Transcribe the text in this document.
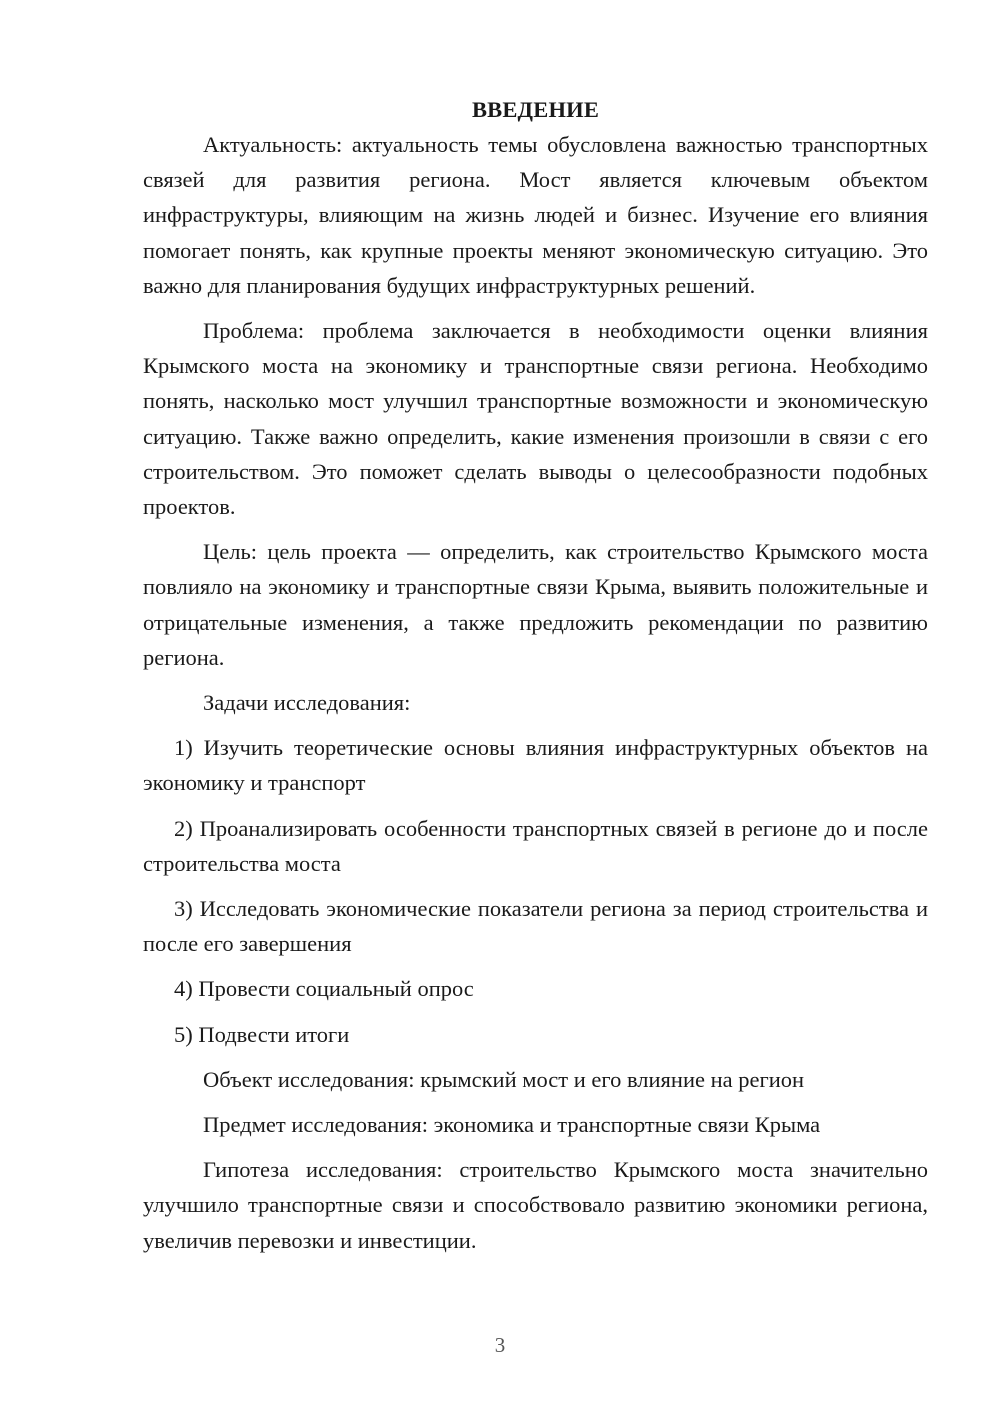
ВВЕДЕНИЕ

Актуальность: актуальность темы обусловлена важностью транспортных связей для развития региона. Мост является ключевым объектом инфраструктуры, влияющим на жизнь людей и бизнес. Изучение его влияния помогает понять, как крупные проекты меняют экономическую ситуацию. Это важно для планирования будущих инфраструктурных решений.

Проблема: проблема заключается в необходимости оценки влияния Крымского моста на экономику и транспортные связи региона. Необходимо понять, насколько мост улучшил транспортные возможности и экономическую ситуацию. Также важно определить, какие изменения произошли в связи с его строительством. Это поможет сделать выводы о целесообразности подобных проектов.

Цель: цель проекта — определить, как строительство Крымского моста повлияло на экономику и транспортные связи Крыма, выявить положительные и отрицательные изменения, а также предложить рекомендации по развитию региона.

Задачи исследования:

1) Изучить теоретические основы влияния инфраструктурных объектов на экономику и транспорт

2) Проанализировать особенности транспортных связей в регионе до и после строительства моста

3) Исследовать экономические показатели региона за период строительства и после его завершения

4) Провести социальный опрос

5) Подвести итоги

Объект исследования: крымский мост и его влияние на регион

Предмет исследования: экономика и транспортные связи Крыма

Гипотеза исследования: строительство Крымского моста значительно улучшило транспортные связи и способствовало развитию экономики региона, увеличив перевозки и инвестиции.

3
